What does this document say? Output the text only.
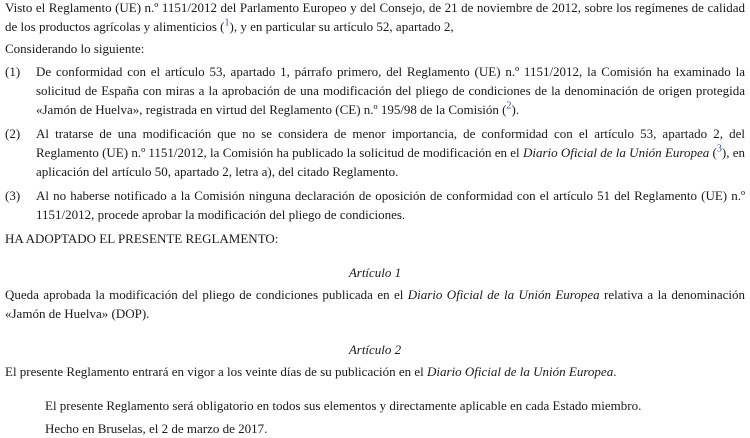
Visto el Reglamento (UE) n.º 1151/2012 del Parlamento Europeo y del Consejo, de 21 de noviembre de 2012, sobre los regímenes de calidad de los productos agrícolas y alimenticios ($^1$), y en particular su artículo 52, apartado 2,

Considerando lo siguiente:

(1)	De conformidad con el artículo 53, apartado 1, párrafo primero, del Reglamento (UE) n.º 1151/2012, la Comisión ha examinado la solicitud de España con miras a la aprobación de una modificación del pliego de condiciones de la denominación de origen protegida «Jamón de Huelva», registrada en virtud del Reglamento (CE) n.º 195/98 de la Comisión ($^2$).
(2)	Al tratarse de una modificación que no se considera de menor importancia, de conformidad con el artículo 53, apartado 2, del Reglamento (UE) n.º 1151/2012, la Comisión ha publicado la solicitud de modificación en el Diario Oficial de la Unión Europea ($^3$), en aplicación del artículo 50, apartado 2, letra a), del citado Reglamento.
(3)	Al no haberse notificado a la Comisión ninguna declaración de oposición de conformidad con el artículo 51 del Reglamento (UE) n.º 1151/2012, procede aprobar la modificación del pliego de condiciones.

HA ADOPTADO EL PRESENTE REGLAMENTO:

Artículo 1

Queda aprobada la modificación del pliego de condiciones publicada en el Diario Oficial de la Unión Europea relativa a la denominación «Jamón de Huelva» (DOP).

Artículo 2

El presente Reglamento entrará en vigor a los veinte días de su publicación en el Diario Oficial de la Unión Europea.

El presente Reglamento será obligatorio en todos sus elementos y directamente aplicable en cada Estado miembro.

Hecho en Bruselas, el 2 de marzo de 2017.
